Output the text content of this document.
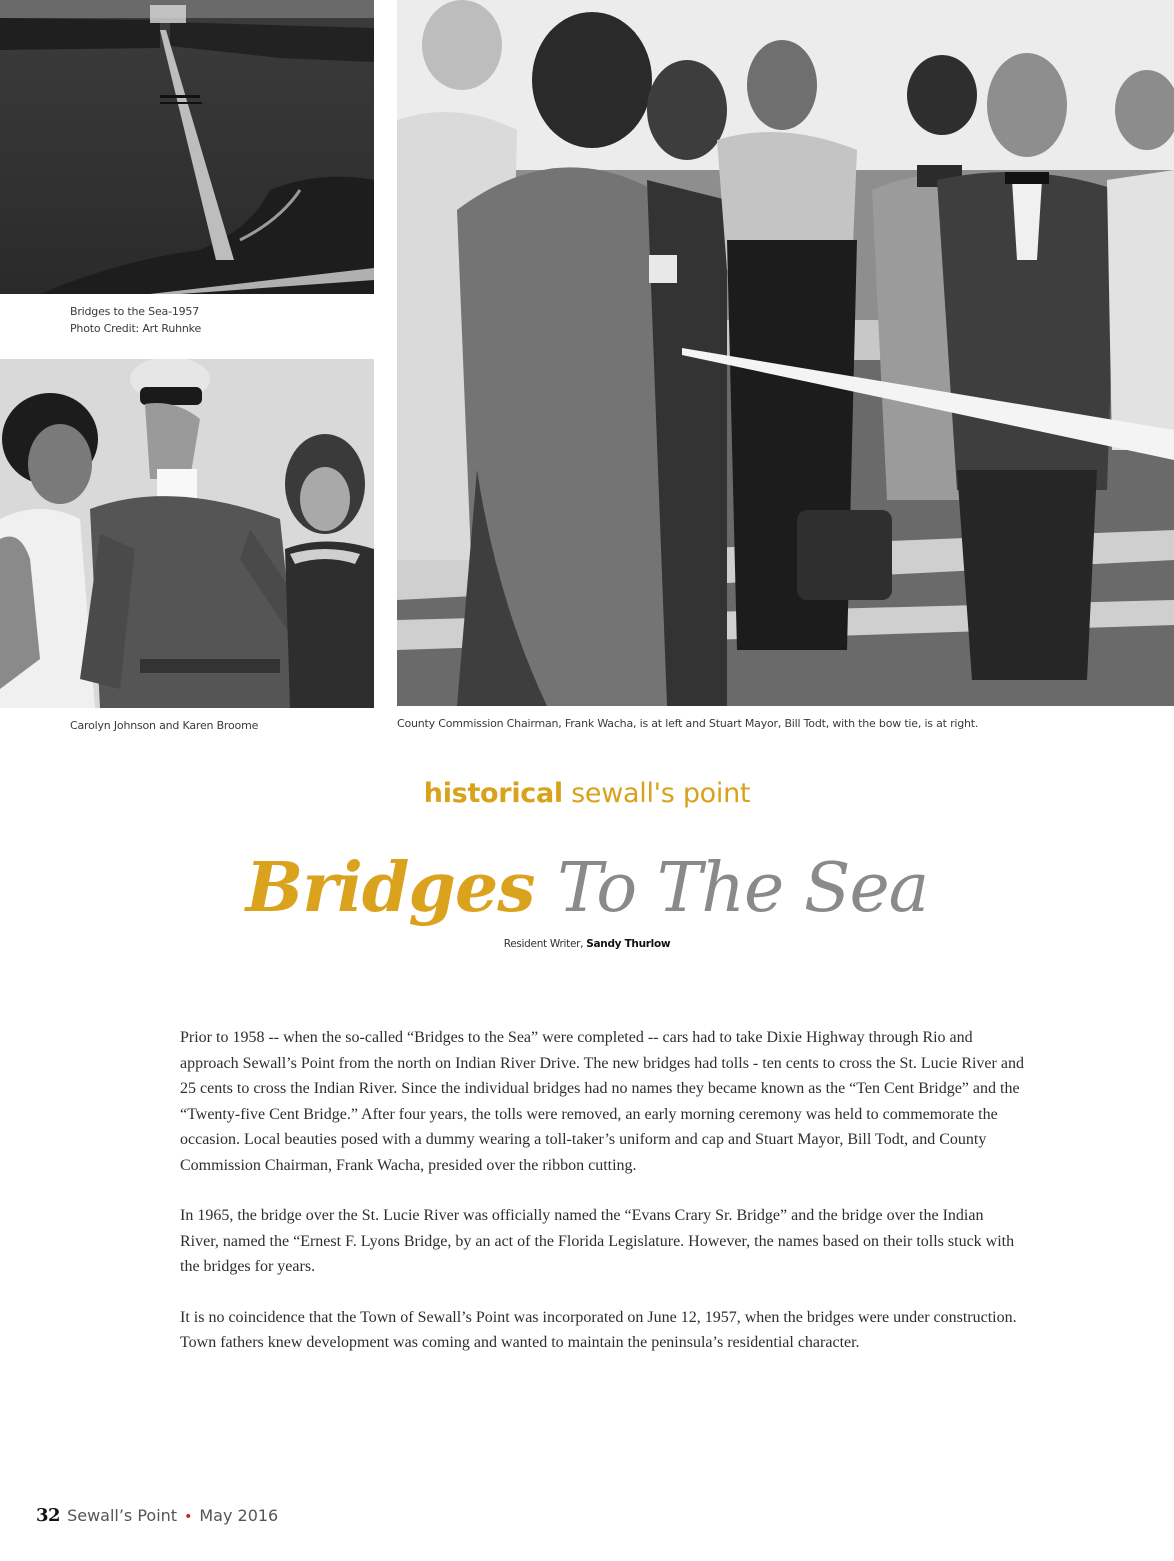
Bridges to the Sea-1957
Photo Credit: Art Ruhnke
Carolyn Johnson and Karen Broome	County Commission Chairman, Frank Wacha, is at left and Stuart Mayor, Bill Todt, with the bow tie, is at right.
historical sewall's point
Bridges To The Sea
Resident Writer, Sandy Thurlow

Prior to 1958 -- when the so-called “Bridges to the Sea” were completed -- cars had to take Dixie Highway through Rio and approach Sewall’s Point from the north on Indian River Drive. The new bridges had tolls - ten cents to cross the St. Lucie River and 25 cents to cross the Indian River. Since the individual bridges had no names they became known as the “Ten Cent Bridge” and the “Twenty-five Cent Bridge.” After four years, the tolls were removed, an early morning ceremony was held to commemorate the occasion. Local beauties posed with a dummy wearing a toll-taker’s uniform and cap and Stuart Mayor, Bill Todt, and County Commission Chairman, Frank Wacha, presided over the ribbon cutting.

In 1965, the bridge over the St. Lucie River was officially named the “Evans Crary Sr. Bridge” and the bridge over the Indian River, named the “Ernest F. Lyons Bridge, by an act of the Florida Legislature. However, the names based on their tolls stuck with the bridges for years.

It is no coincidence that the Town of Sewall’s Point was incorporated on June 12, 1957, when the bridges were under construction. Town fathers knew development was coming and wanted to maintain the peninsula’s residential character.

32 Sewall’s Point • May 2016
